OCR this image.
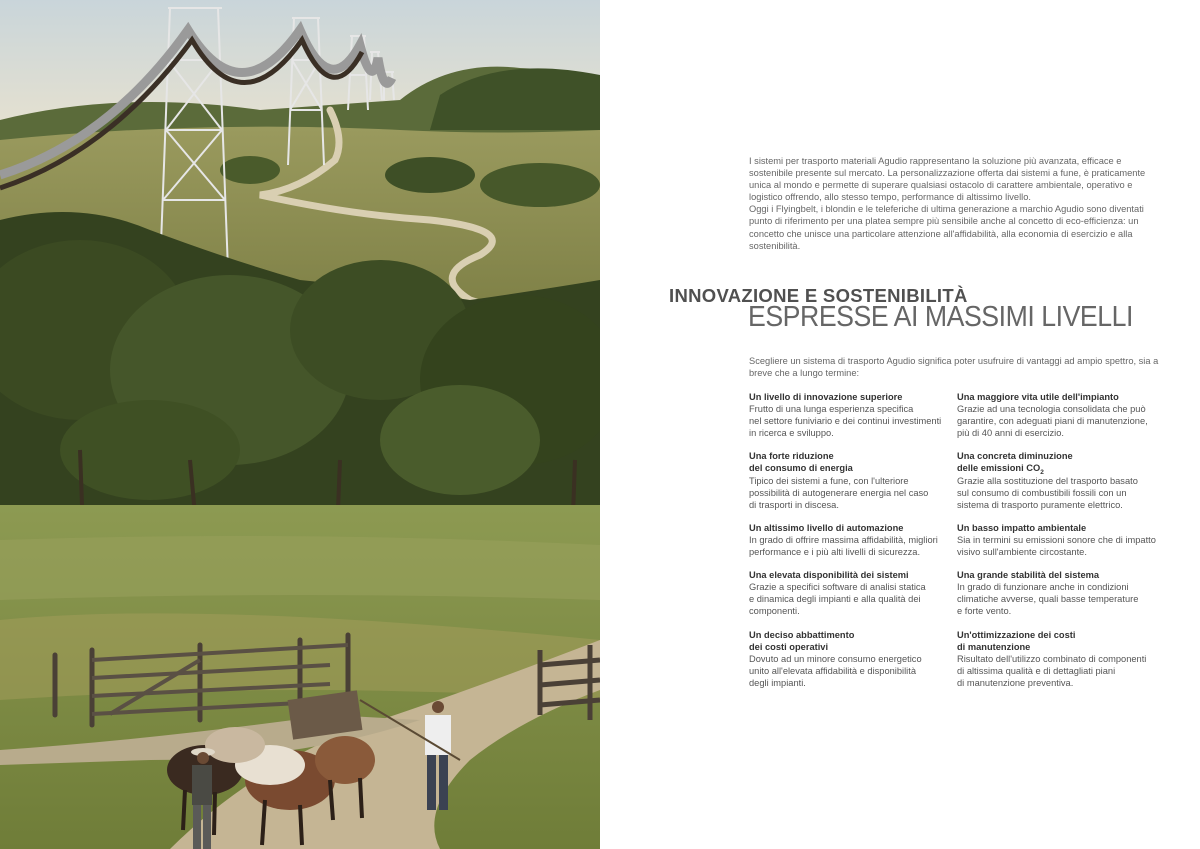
I sistemi per trasporto materiali Agudio rappresentano la soluzione più avanzata, efficace e sostenibile presente sul mercato. La personalizzazione offerta dai sistemi a fune, è praticamente unica al mondo e permette di superare qualsiasi ostacolo di carattere ambientale, operativo e logistico offrendo, allo stesso tempo, performance di altissimo livello.

Oggi i Flyingbelt, i blondin e le teleferiche di ultima generazione a marchio Agudio sono diventati punto di riferimento per una platea sempre più sensibile anche al concetto di eco-efficienza: un concetto che unisce una particolare attenzione all'affidabilità, alla economia di esercizio e alla sostenibilità.

INNOVAZIONE E SOSTENIBILITÀ
ESPRESSE AI MASSIMI LIVELLI
Scegliere un sistema di trasporto Agudio significa poter usufruire di vantaggi ad ampio spettro, sia a breve che a lungo termine:
Un livello di innovazione superiore
Frutto di una lunga esperienza specifica
nel settore funiviario e dei continui investimenti
in ricerca e sviluppo.
Una maggiore vita utile dell'impianto
Grazie ad una tecnologia consolidata che può
garantire, con adeguati piani di manutenzione,
più di 40 anni di esercizio.
Una forte riduzione
del consumo di energia
Tipico dei sistemi a fune, con l'ulteriore
possibilità di autogenerare energia nel caso
di trasporti in discesa.
Una concreta diminuzione
delle emissioni $CO_2$
Grazie alla sostituzione del trasporto basato
sul consumo di combustibili fossili con un
sistema di trasporto puramente elettrico.
Un altissimo livello di automazione
In grado di offrire massima affidabilità, migliori
performance e i più alti livelli di sicurezza.
Un basso impatto ambientale
Sia in termini su emissioni sonore che di impatto
visivo sull'ambiente circostante.
Una elevata disponibilità dei sistemi
Grazie a specifici software di analisi statica
e dinamica degli impianti e alla qualità dei
componenti.
Una grande stabilità del sistema
In grado di funzionare anche in condizioni
climatiche avverse, quali basse temperature
e forte vento.
Un deciso abbattimento
dei costi operativi
Dovuto ad un minore consumo energetico
unito all'elevata affidabilità e disponibilità
degli impianti.
Un'ottimizzazione dei costi
di manutenzione
Risultato dell'utilizzo combinato di componenti
di altissima qualità e di dettagliati piani
di manutenzione preventiva.
